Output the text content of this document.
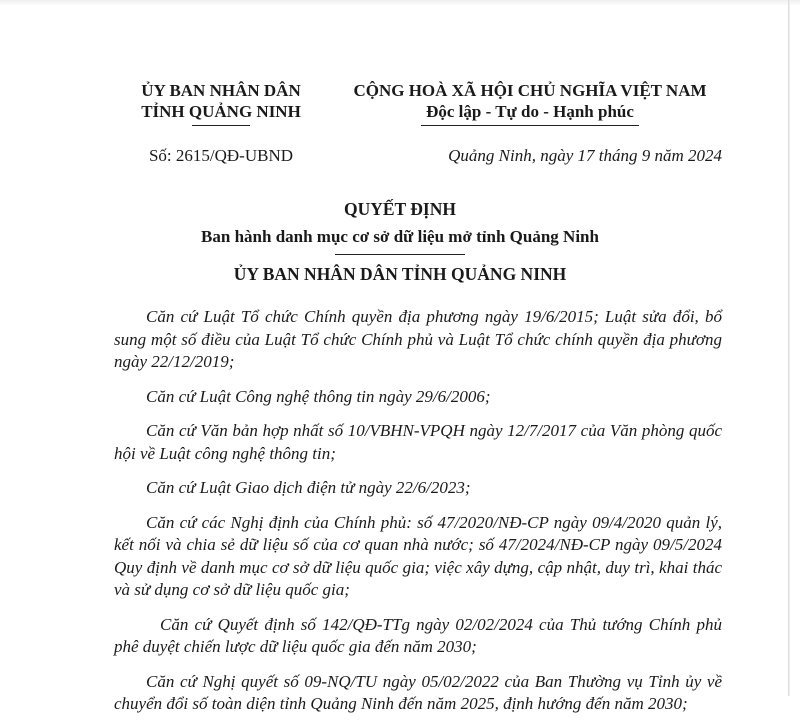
ỦY BAN NHÂN DÂN
TỈNH QUẢNG NINH
CỘNG HOÀ XÃ HỘI CHỦ NGHĨA VIỆT NAM
Độc lập - Tự do - Hạnh phúc
Số: 2615/QĐ-UBND	Quảng Ninh, ngày 17 tháng 9 năm 2024
QUYẾT ĐỊNH
Ban hành danh mục cơ sở dữ liệu mở tỉnh Quảng Ninh
ỦY BAN NHÂN DÂN TỈNH QUẢNG NINH

Căn cứ Luật Tổ chức Chính quyền địa phương ngày 19/6/2015; Luật sửa đổi, bổ sung một số điều của Luật Tổ chức Chính phủ và Luật Tổ chức chính quyền địa phương ngày 22/12/2019;

Căn cứ Luật Công nghệ thông tin ngày 29/6/2006;

Căn cứ Văn bản hợp nhất số 10/VBHN-VPQH ngày 12/7/2017 của Văn phòng quốc hội về Luật công nghệ thông tin;

Căn cứ Luật Giao dịch điện tử ngày 22/6/2023;

Căn cứ các Nghị định của Chính phủ: số 47/2020/NĐ-CP ngày 09/4/2020 quản lý, kết nối và chia sẻ dữ liệu số của cơ quan nhà nước; số 47/2024/NĐ-CP ngày 09/5/2024 Quy định về danh mục cơ sở dữ liệu quốc gia; việc xây dựng, cập nhật, duy trì, khai thác và sử dụng cơ sở dữ liệu quốc gia;

Căn cứ Quyết định số 142/QĐ-TTg ngày 02/02/2024 của Thủ tướng Chính phủ phê duyệt chiến lược dữ liệu quốc gia đến năm 2030;

Căn cứ Nghị quyết số 09-NQ/TU ngày 05/02/2022 của Ban Thường vụ Tỉnh ủy về chuyển đổi số toàn diện tỉnh Quảng Ninh đến năm 2025, định hướng đến năm 2030;
